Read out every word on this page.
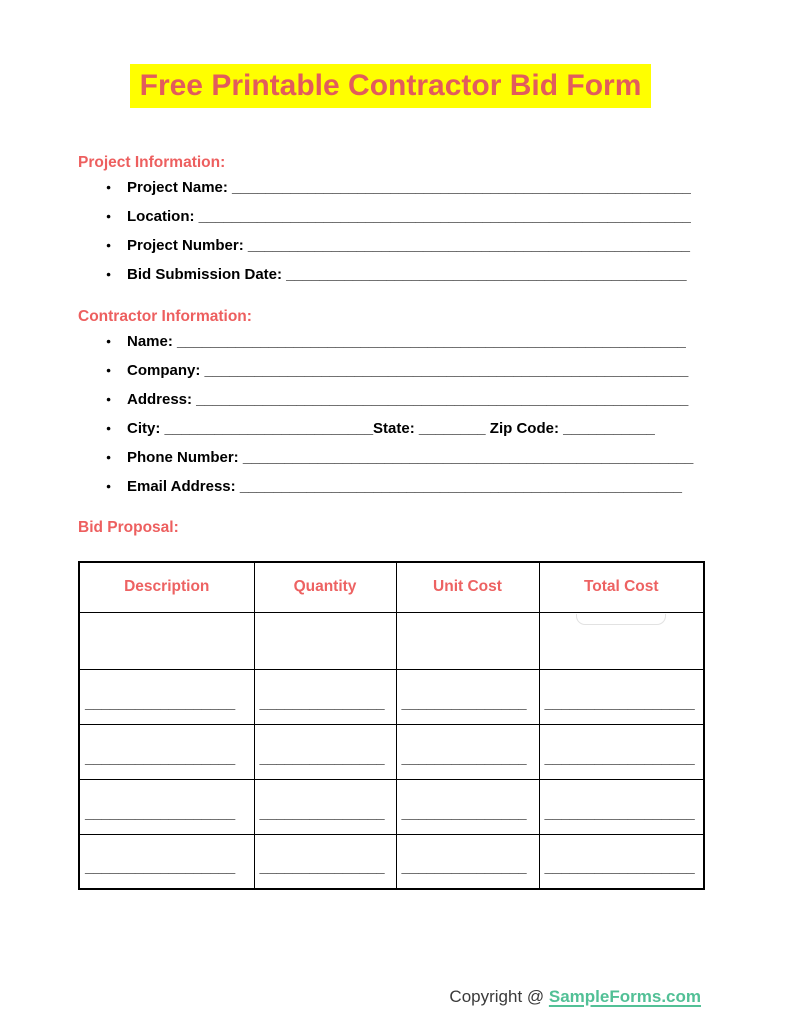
Free Printable Contractor Bid Form
Project Information:
● Project Name: _______________________________________________________
● Location: ___________________________________________________________
● Project Number: _____________________________________________________
● Bid Submission Date: ________________________________________________
Contractor Information:
● Name: _____________________________________________________________
● Company: __________________________________________________________
● Address: ___________________________________________________________
● City: _________________________State: ________ Zip Code: ___________
● Phone Number: ______________________________________________________
● Email Address: _____________________________________________________
Bid Proposal:
Description	Quantity	Unit Cost	Total Cost

__________________	_______________	_______________	__________________
__________________	_______________	_______________	__________________
__________________	_______________	_______________	__________________
__________________	_______________	_______________	__________________
Copyright @ SampleForms.com
